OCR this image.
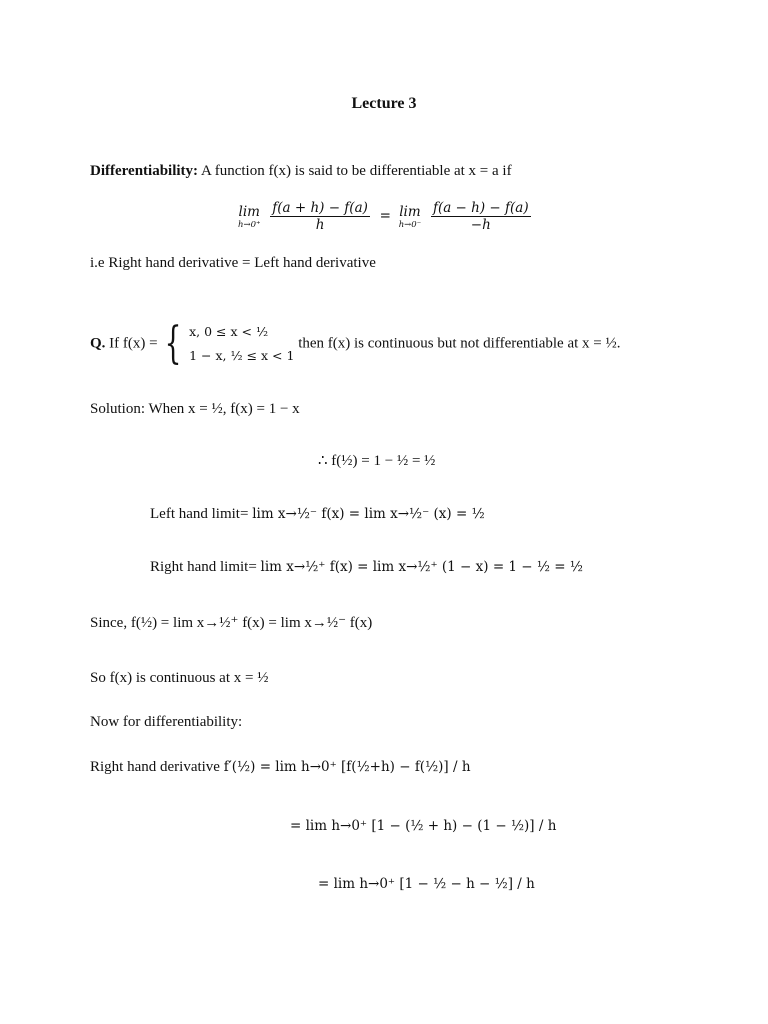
Lecture 3
Differentiability: A function f(x) is said to be differentiable at x = a if
lim
h→0⁺
$\frac{f(a + h) - f(a)}{h} = \lim$
h→0⁻
$\frac{f(a - h) - f(a)}{-h}$
i.e Right hand derivative = Left hand derivative
Q. If f(x) = { x, 0 ≤ x < ½
1 − x, ½ ≤ x < 1
then f(x) is continuous but not differentiable at x = ½.
Solution: When x = ½, f(x) = 1 − x
∴ f(½) = 1 − ½ = ½
Left hand limit= lim x→½⁻ f(x) = lim x→½⁻ (x) = ½
Right hand limit= lim x→½⁺ f(x) = lim x→½⁺ (1 − x) = 1 − ½ = ½
Since, f(½) = lim x→½⁺ f(x) = lim x→½⁻ f(x)
So f(x) is continuous at x = ½
Now for differentiability:
Right hand derivative f′(½) = lim h→0⁺ [f(½+h) − f(½)] / h
= lim h→0⁺ [1 − (½ + h) − (1 − ½)] / h
= lim h→0⁺ [1 − ½ − h − ½] / h
